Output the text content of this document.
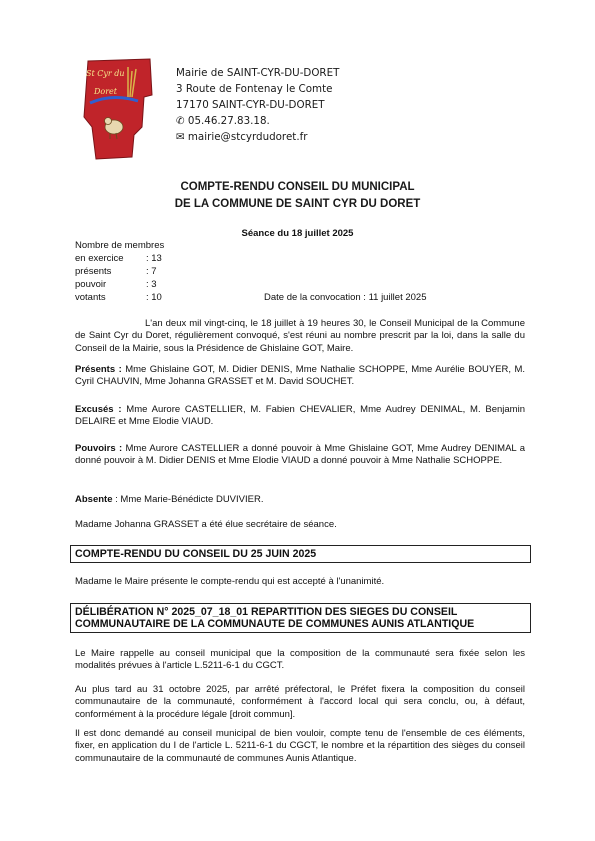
St Cyr du
Doret
Mairie de SAINT-CYR-DU-DORET
3 Route de Fontenay le Comte
17170 SAINT-CYR-DU-DORET
✆ 05.46.27.83.18.
✉ mairie@stcyrdudoret.fr
COMPTE-RENDU CONSEIL DU MUNICIPAL
DE LA COMMUNE DE SAINT CYR DU DORET
Séance du 18 juillet 2025
Nombre de membres
en exercice : 13
présents	: 7
pouvoir	: 3
votants	: 10	Date de la convocation : 11 juillet 2025
L'an deux mil vingt-cinq, le 18 juillet à 19 heures 30, le Conseil Municipal de la Commune de Saint Cyr du Doret, régulièrement convoqué, s'est réuni au nombre prescrit par la loi, dans la salle du Conseil de la Mairie, sous la Présidence de Ghislaine GOT, Maire.
Présents : Mme Ghislaine GOT, M. Didier DENIS, Mme Nathalie SCHOPPE, Mme Aurélie BOUYER, M. Cyril CHAUVIN, Mme Johanna GRASSET et M. David SOUCHET.
Excusés : Mme Aurore CASTELLIER, M. Fabien CHEVALIER, Mme Audrey DENIMAL, M. Benjamin DELAIRE et Mme Elodie VIAUD.
Pouvoirs : Mme Aurore CASTELLIER a donné pouvoir à Mme Ghislaine GOT, Mme Audrey DENIMAL a donné pouvoir à M. Didier DENIS et Mme Elodie VIAUD a donné pouvoir à Mme Nathalie SCHOPPE.
Absente : Mme Marie-Bénédicte DUVIVIER.
Madame Johanna GRASSET a été élue secrétaire de séance.
COMPTE-RENDU DU CONSEIL DU 25 JUIN 2025
Madame le Maire présente le compte-rendu qui est accepté à l'unanimité.
DÉLIBÉRATION N° 2025_07_18_01 REPARTITION DES SIEGES DU CONSEIL
COMMUNAUTAIRE DE LA COMMUNAUTE DE COMMUNES AUNIS ATLANTIQUE
Le Maire rappelle au conseil municipal que la composition de la communauté sera fixée selon les modalités prévues à l'article L.5211-6-1 du CGCT.
Au plus tard au 31 octobre 2025, par arrêté préfectoral, le Préfet fixera la composition du conseil communautaire de la communauté, conformément à l'accord local qui sera conclu, ou, à défaut, conformément à la procédure légale [droit commun].
Il est donc demandé au conseil municipal de bien vouloir, compte tenu de l'ensemble de ces éléments, fixer, en application du I de l'article L. 5211-6-1 du CGCT, le nombre et la répartition des sièges du conseil communautaire de la communauté de communes Aunis Atlantique.
